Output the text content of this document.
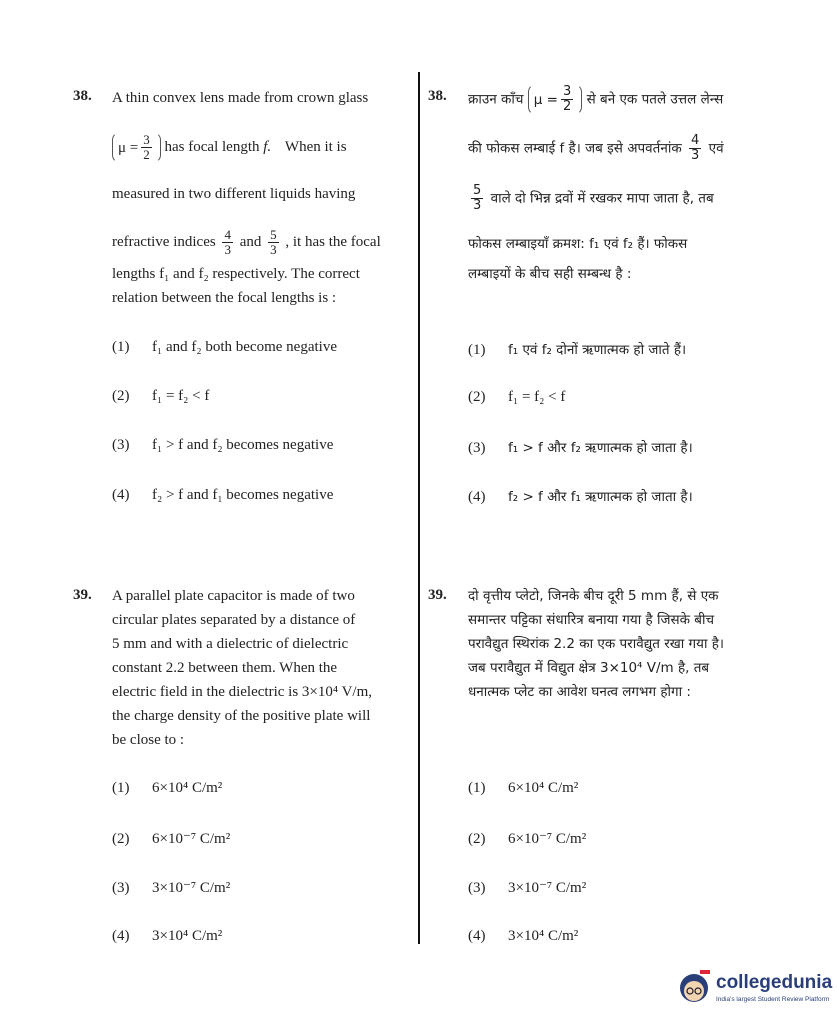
38. A thin convex lens made from crown glass
$\mu = \frac{3}{2}$ has focal length f. When it is
measured in two different liquids having
refractive indices $\frac{4}{3}$ and $\frac{5}{3}$ , it has the focal
lengths f₁ and f₂ respectively. The correct
relation between the focal lengths is :
(1) f₁ and f₂ both become negative
(2) f₁ = f₂ < f
(3) f₁ > f and f₂ becomes negative
(4) f₂ > f and f₁ becomes negative
38. क्राउन काँच $\mu = \frac{3}{2}$ से बने एक पतले उत्तल लेन्स
की फोकस लम्बाई f है। जब इसे अपवर्तनांक $\frac{4}{3}$ एवं
$\frac{5}{3}$ वाले दो भिन्न द्रवों में रखकर मापा जाता है, तब
फोकस लम्बाइयाँ क्रमश: f₁ एवं f₂ हैं। फोकस
लम्बाइयों के बीच सही सम्बन्ध है :
(1) f₁ एवं f₂ दोनों ऋणात्मक हो जाते हैं।
(2) f₁ = f₂ < f
(3) f₁ > f और f₂ ऋणात्मक हो जाता है।
(4) f₂ > f और f₁ ऋणात्मक हो जाता है।
39. A parallel plate capacitor is made of two
circular plates separated by a distance of
5 mm and with a dielectric of dielectric
constant 2.2 between them. When the
electric field in the dielectric is 3×10⁴ V/m,
the charge density of the positive plate will
be close to :
(1) 6×10⁴ C/m²
(2) 6×10⁻⁷ C/m²
(3) 3×10⁻⁷ C/m²
(4) 3×10⁴ C/m²
39. दो वृत्तीय प्लेटो, जिनके बीच दूरी 5 mm हैं, से एक
समान्तर पट्टिका संधारित्र बनाया गया है जिसके बीच
परावैद्युत स्थिरांक 2.2 का एक परावैद्युत रखा गया है।
जब परावैद्युत में विद्युत क्षेत्र 3×10⁴ V/m है, तब
धनात्मक प्लेट का आवेश घनत्व लगभग होगा :
(1) 6×10⁴ C/m²
(2) 6×10⁻⁷ C/m²
(3) 3×10⁻⁷ C/m²
(4) 3×10⁴ C/m²
collegedunia
India's largest Student Review Platform
